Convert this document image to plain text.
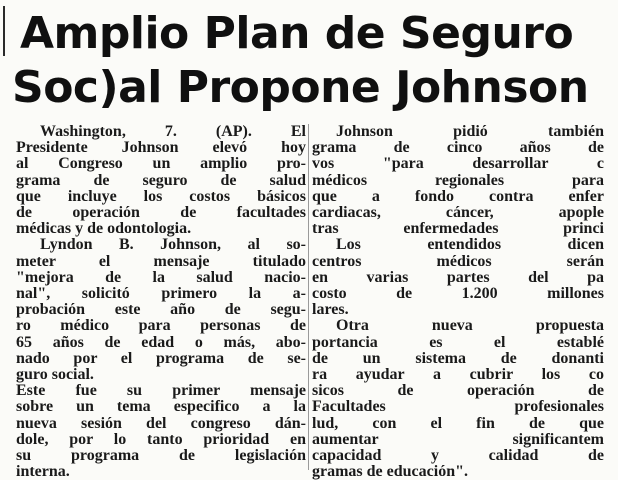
Amplio Plan de Seguro
Soc)al Propone Johnson
Washington, 7. (AP). El
Presidente Johnson elevó hoy
al Congreso un amplio pro-
grama de seguro de salud
que incluye los costos básicos
de operación de facultades
médicas y de odontologia.
Lyndon B. Johnson, al so-
meter el mensaje titulado
"mejora de la salud nacio-
nal", solicitó primero la a-
probación este año de segu-
ro médico para personas de
65 años de edad o más, abo-
nado por el programa de se-
guro social.
Este fue su primer mensaje
sobre un tema especifico a la
nueva sesión del congreso dán-
dole, por lo tanto prioridad en
su programa de legislación
interna.
Johnson pidió también
grama de cinco años de
vos "para desarrollar c
médicos regionales para
que a fondo contra enfer
cardiacas, cáncer, apople
tras enfermedades princi
Los entendidos dicen
centros médicos serán
en varias partes del pa
costo de 1.200 millones
lares.
Otra nueva propuesta
portancia es el establé
de un sistema de donanti
ra ayudar a cubrir los co
sicos de operación de
Facultades profesionales
lud, con el fin de que
aumentar significantem
capacidad y calidad de
gramas de educación".
